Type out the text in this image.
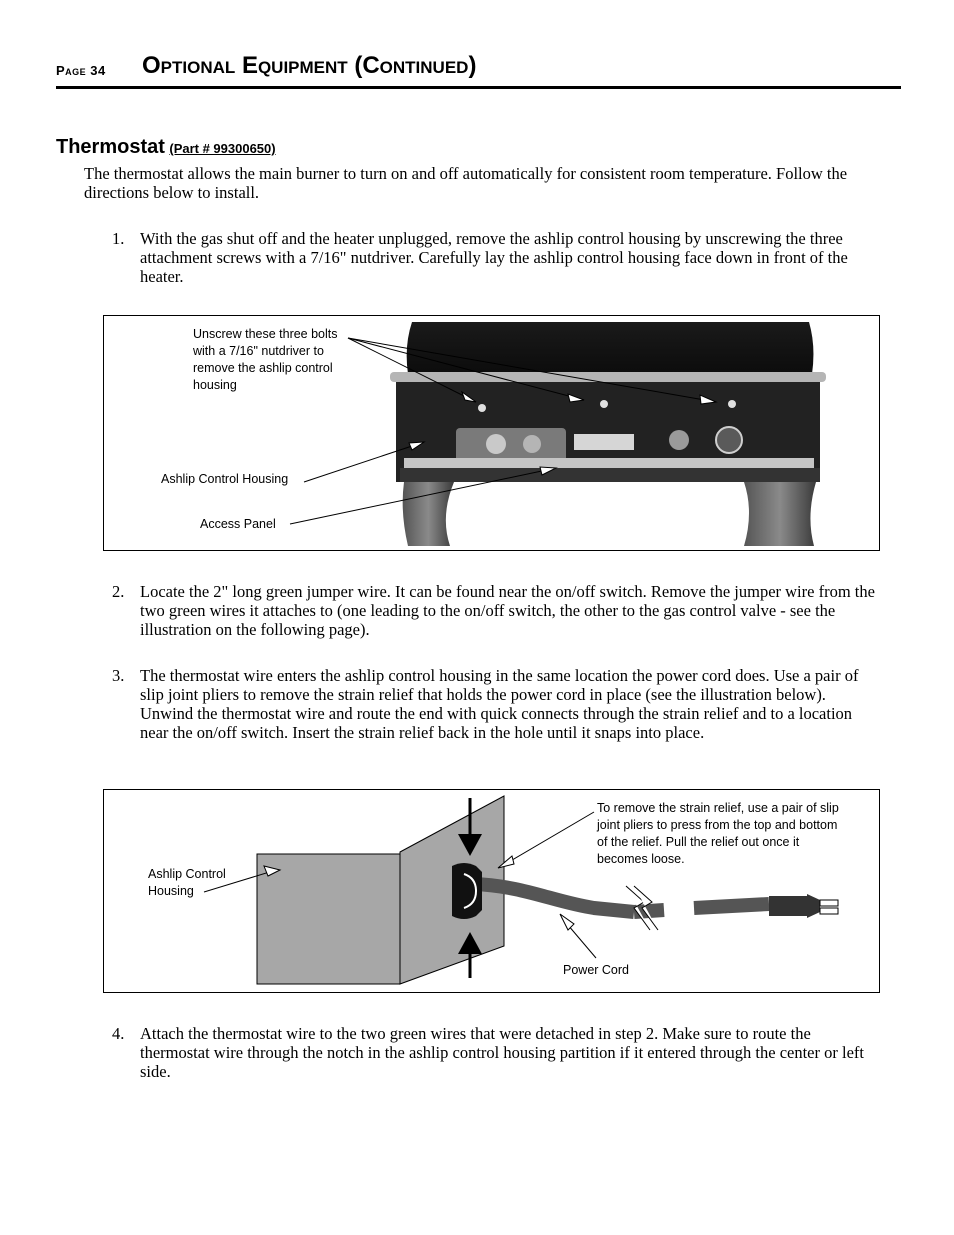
Page 34 Optional Equipment (Continued)
Thermostat (Part # 99300650)
The thermostat allows the main burner to turn on and off automatically for consistent room temperature. Follow the directions below to install.
1. With the gas shut off and the heater unplugged, remove the ashlip control housing by unscrewing the three attachment screws with a 7/16" nutdriver. Carefully lay the ashlip control housing face down in front of the heater.
Unscrew these three bolts with a 7/16" nutdriver to remove the ashlip control housing
Ashlip Control Housing
Access Panel
2. Locate the 2" long green jumper wire. It can be found near the on/off switch. Remove the jumper wire from the two green wires it attaches to (one leading to the on/off switch, the other to the gas control valve - see the illustration on the following page).
3. The thermostat wire enters the ashlip control housing in the same location the power cord does. Use a pair of slip joint pliers to remove the strain relief that holds the power cord in place (see the illustration below). Unwind the thermostat wire and route the end with quick connects through the strain relief and to a location near the on/off switch. Insert the strain relief back in the hole until it snaps into place.
Ashlip Control Housing
To remove the strain relief, use a pair of slip joint pliers to press from the top and bottom of the relief. Pull the relief out once it becomes loose.
Power Cord
4. Attach the thermostat wire to the two green wires that were detached in step 2. Make sure to route the thermostat wire through the notch in the ashlip control housing partition if it entered through the center or left side.
